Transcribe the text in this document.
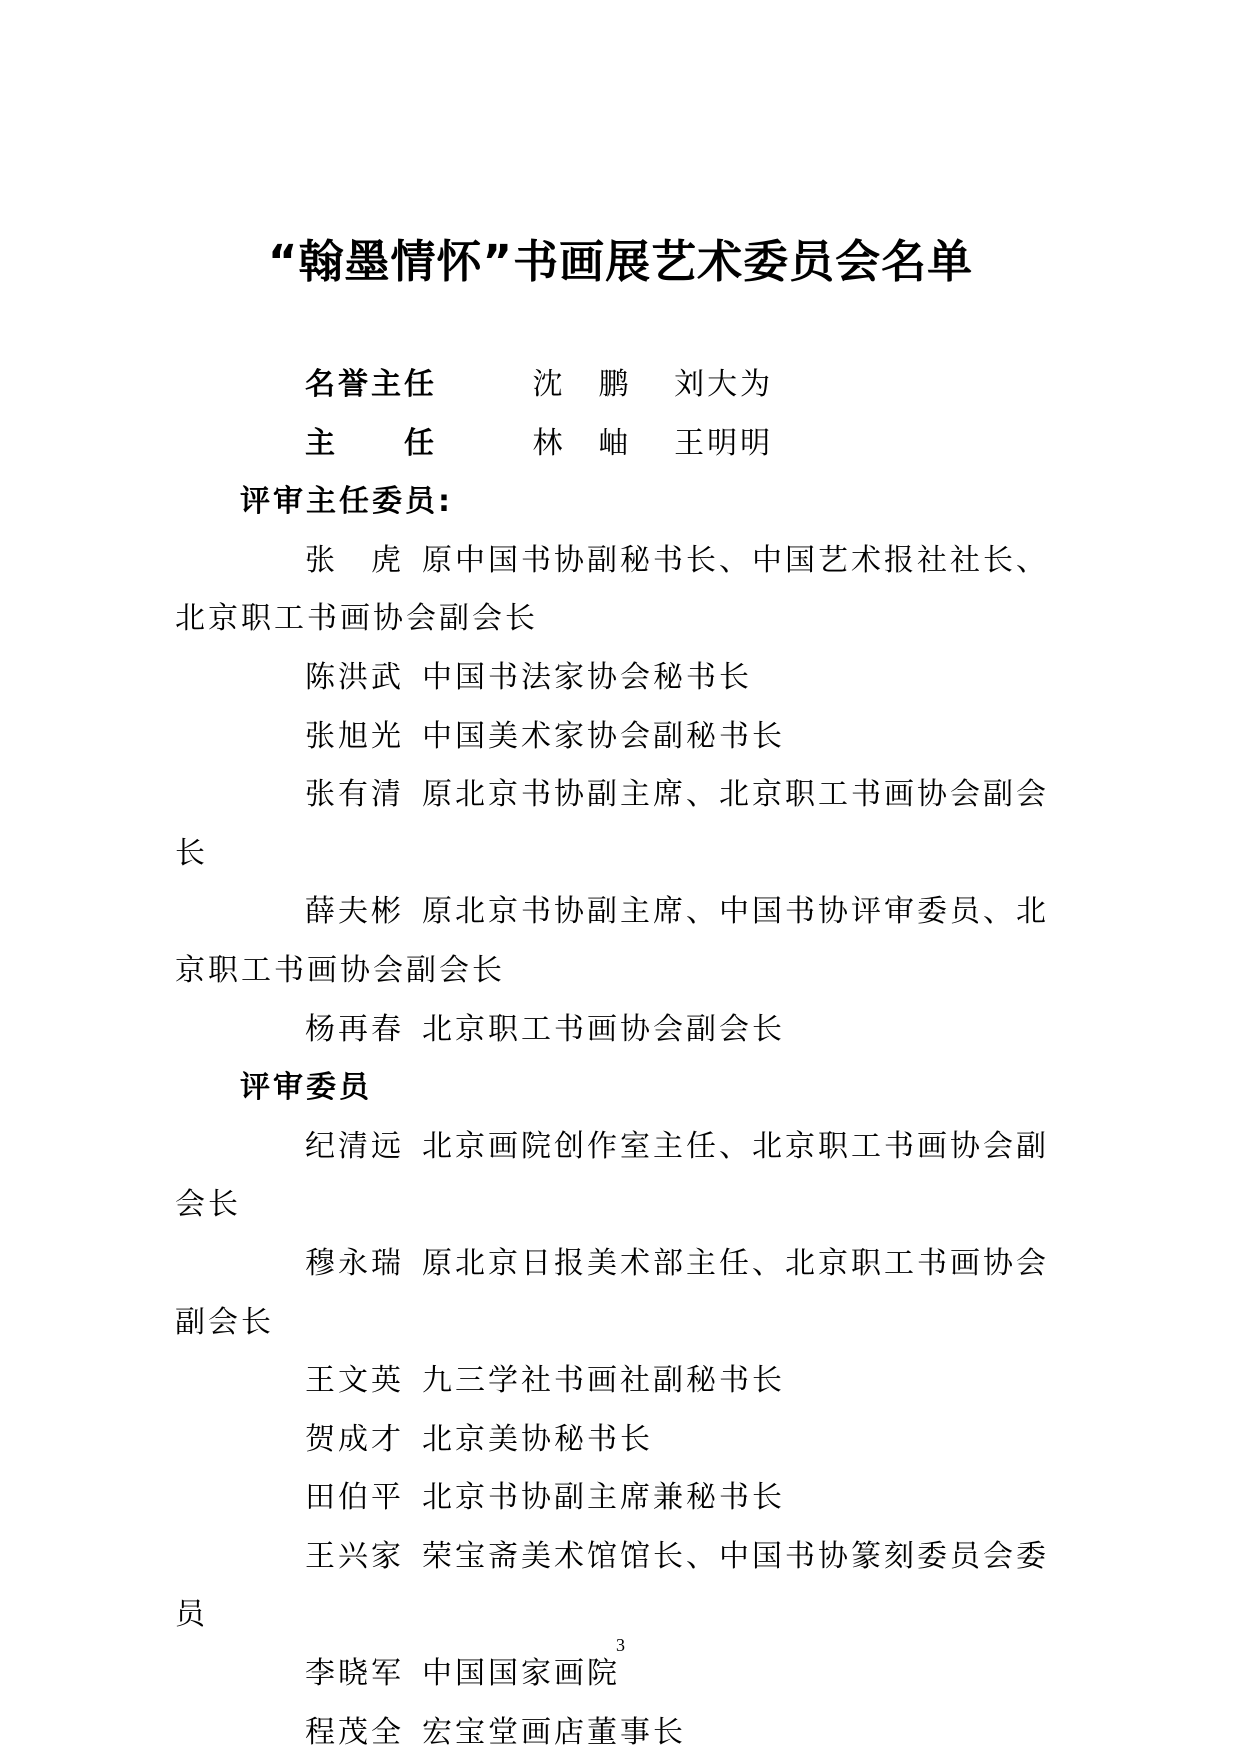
“翰墨情怀”书画展艺术委员会名单

名誉主任	沈　鹏 刘大为

主　　任	林　岫 王明明

评审主任委员:

张　虎 原中国书协副秘书长、中国艺术报社社长、北京职工书画协会副会长

陈洪武 中国书法家协会秘书长

张旭光 中国美术家协会副秘书长

张有清 原北京书协副主席、北京职工书画协会副会长

薛夫彬 原北京书协副主席、中国书协评审委员、北京职工书画协会副会长

杨再春 北京职工书画协会副会长

评审委员

纪清远 北京画院创作室主任、北京职工书画协会副会长

穆永瑞 原北京日报美术部主任、北京职工书画协会副会长

王文英 九三学社书画社副秘书长

贺成才 北京美协秘书长

田伯平 北京书协副主席兼秘书长

王兴家 荣宝斋美术馆馆长、中国书协篆刻委员会委员

李晓军 中国国家画院

程茂全 宏宝堂画店董事长

3
